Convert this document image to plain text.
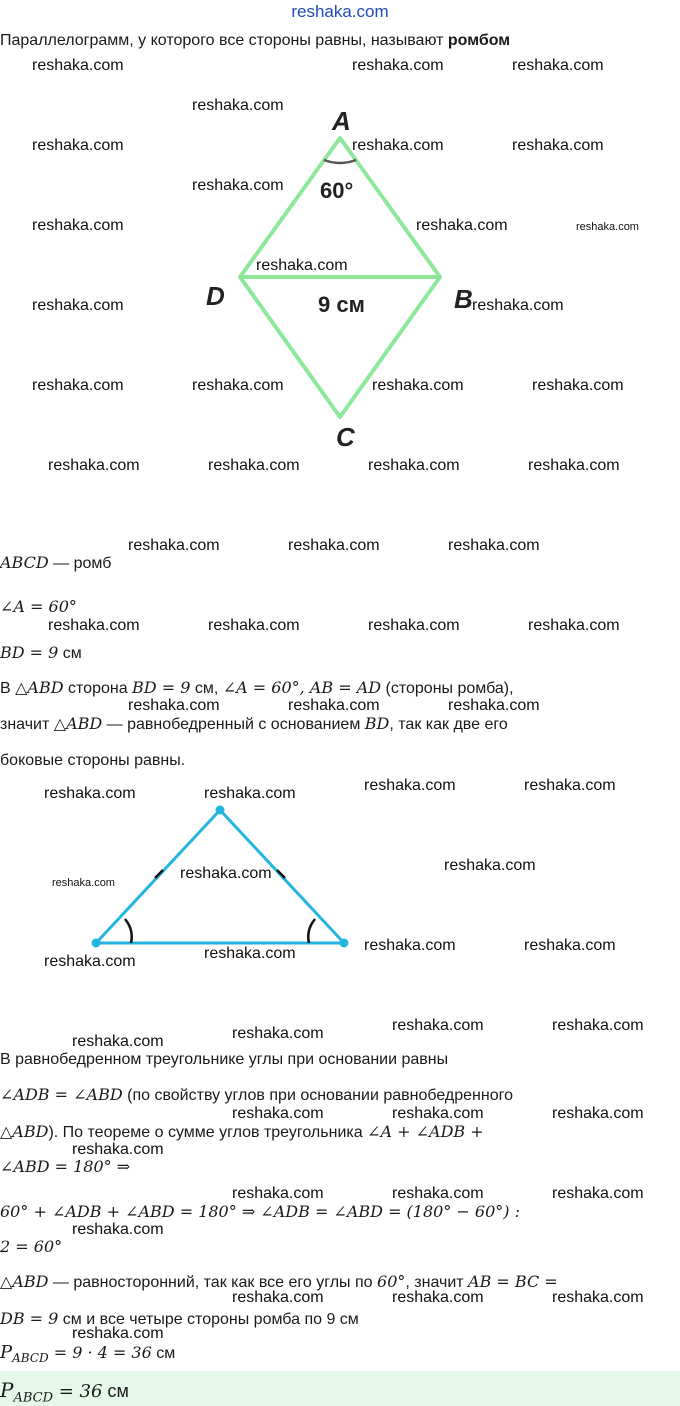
reshaka.com
Параллелограмм, у которого все стороны равны, называют ромбом
A
B
C
D
60°
9 см
ABCD — ромб
∠A = 60°
BD = 9 см
В △ABD сторона BD = 9 см, ∠A = 60°, AB = AD (стороны ромба),
значит △ABD — равнобедренный с основанием BD, так как две его
боковые стороны равны.
В равнобедренном треугольнике углы при основании равны
∠ADB = ∠ABD (по свойству углов при основании равнобедренного
△ABD). По теореме о сумме углов треугольника ∠A + ∠ADB +
∠ABD = 180° ⇒
60° + ∠ADB + ∠ABD = 180° ⇒ ∠ADB = ∠ABD = (180° − 60°) :
2 = 60°
△ABD — равносторонний, так как все его углы по 60°, значит AB = BC =
DB = 9 см и все четыре стороны ромба по 9 см
$P_{ABCD} = 9 \cdot 4 = 36$ см
$P_{ABCD} = 36$ см
reshaka.com	reshaka.com	reshaka.com
reshaka.com
reshaka.com	reshaka.com	reshaka.com
reshaka.com
reshaka.com	reshaka.com	reshaka.com
reshaka.com
reshaka.com	reshaka.com
reshaka.com	reshaka.com	reshaka.com	reshaka.com
reshaka.com	reshaka.com	reshaka.com	reshaka.com
reshaka.com	reshaka.com	reshaka.com
reshaka.com	reshaka.com	reshaka.com	reshaka.com
reshaka.com	reshaka.com	reshaka.com
reshaka.com	reshaka.com	reshaka.com	reshaka.com
reshaka.com
reshaka.com
reshaka.com
reshaka.com	reshaka.com
reshaka.com
reshaka.com
reshaka.com	reshaka.com
reshaka.com
reshaka.com
reshaka.com	reshaka.com	reshaka.com
reshaka.com
reshaka.com	reshaka.com	reshaka.com
reshaka.com
reshaka.com	reshaka.com	reshaka.com
reshaka.com
